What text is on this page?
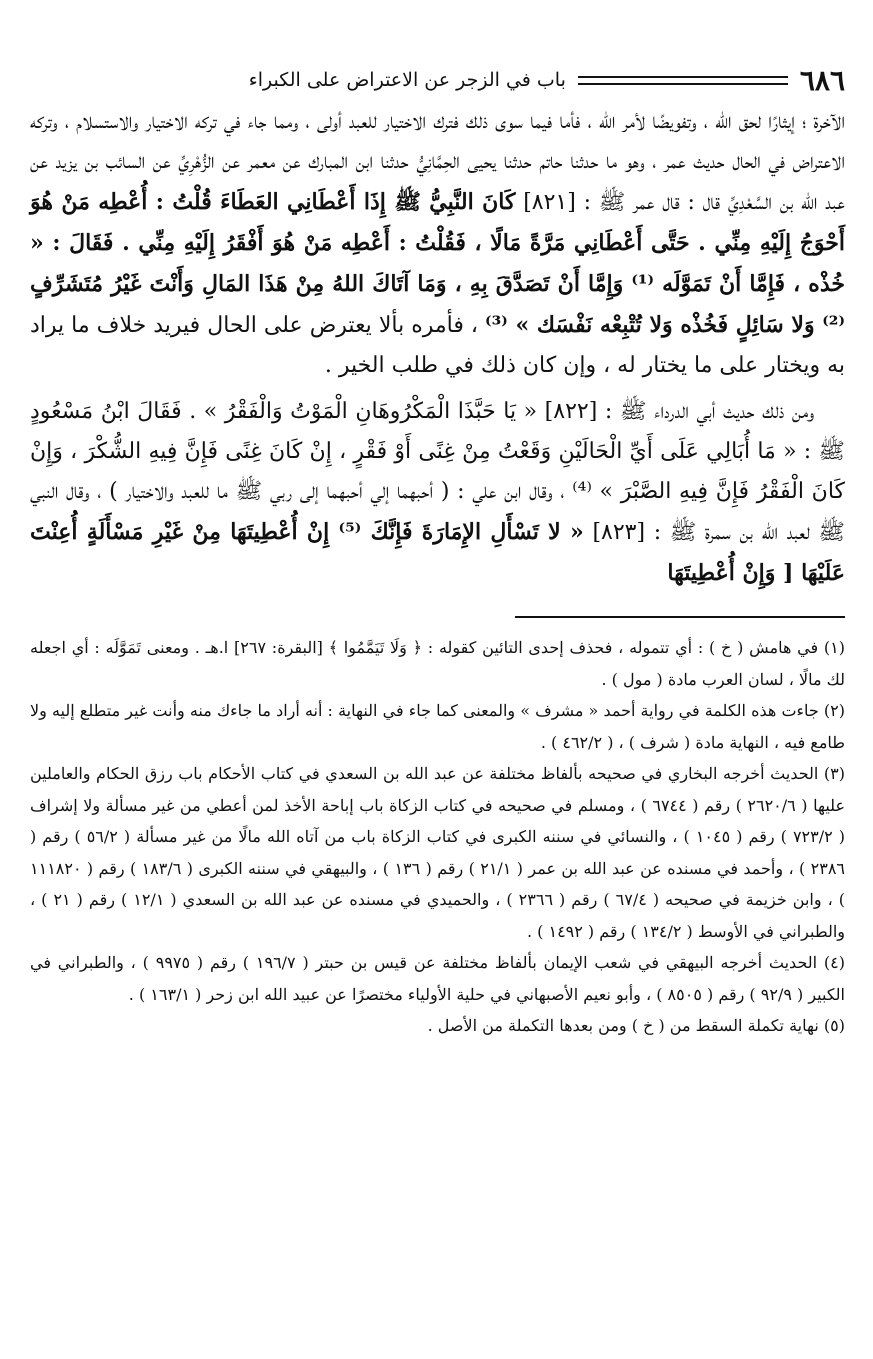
٦٨٦
باب في الزجر عن الاعتراض على الكبراء

الآخرة ؛ إيثارًا لحق الله ، وتفويضًا لأمر الله ، فأما فيما سوى ذلك فترك الاختيار للعبد أولى ، ومما جاء في تركه الاختيار والاستسلام ، وتركه الاعتراض في الحال حديث عمر ، وهو ما حدثنا حاتم حدثنا يحيى الحِمَّانِيُّ حدثنا ابن المبارك عن معمر عن الزُّهْرِيِّ عن السائب بن يزيد عن عبد الله بن السَّعْدِيِّ قال : قال عمر ﷺ : [٨٢١] كَانَ النَّبِيُّ ﷺ إِذَا أَعْطَانِي العَطَاءَ قُلْتُ : أُعْطِه مَنْ هُوَ أَحْوَجُ إِلَيْهِ مِنِّي . حَتَّى أَعْطَانِي مَرَّةً مَالًا ، فَقُلْتُ : أَعْطِه مَنْ هُوَ أَفْقَرُ إِلَيْهِ مِنِّي . فَقَالَ : « خُذْه ، فَإِمَّا أَنْ تَمَوَّلَه ⁽¹⁾ وَإِمَّا أَنْ تَصَدَّقَ بِهِ ، وَمَا آتَاكَ اللهُ مِنْ هَذَا المَالِ وَأَنْتَ غَيْرُ مُتَشَرِّفٍ ⁽²⁾ وَلا سَائِلٍ فَخُذْه وَلا تُتْبِعْه نَفْسَك » ⁽³⁾ ، فأمره بألا يعترض على الحال فيريد خلاف ما يراد به ويختار على ما يختار له ، وإن كان ذلك في طلب الخير .

ومن ذلك حديث أبي الدرداء ﷺ : [٨٢٢] « يَا حَبَّذَا الْمَكْرُوهَانِ الْمَوْتُ وَالْفَقْرُ » . فَقَالَ ابْنُ مَسْعُودٍ ﷺ : « مَا أُبَالِي عَلَى أَيِّ الْحَالَيْنِ وَقَعْتُ مِنْ غِنًى أَوْ فَقْرٍ ، إِنْ كَانَ غِنًى فَإِنَّ فِيهِ الشُّكْرَ ، وَإِنْ كَانَ الْفَقْرُ فَإِنَّ فِيهِ الصَّبْرَ » ⁽⁴⁾ ، وقال ابن علي : ( أحبهما إلي أحبهما إلى ربي ﷺ ما للعبد والاختيار ) ، وقال النبي ﷺ لعبد الله بن سمرة ﷺ : [٨٢٣] « لا تَسْأَلِ الإِمَارَةَ فَإِنَّكَ ⁽⁵⁾ إِنْ أُعْطِيتَهَا مِنْ غَيْرِ مَسْأَلَةٍ أُعِنْتَ عَلَيْهَا [ وَإِنْ أُعْطِيتَهَا

(١) في هامش ( خ ) : أي تتموله ، فحذف إحدى التائين كقوله : ﴿ وَلَا تَيَمَّمُوا ﴾ [البقرة: ٢٦٧] ا.هـ . ومعنى تَمَوَّلَه : أي اجعله لك مالًا ، لسان العرب مادة ( مول ) .

(٢) جاءت هذه الكلمة في رواية أحمد « مشرف » والمعنى كما جاء في النهاية : أنه أراد ما جاءك منه وأنت غير متطلع إليه ولا طامع فيه ، النهاية مادة ( شرف ) ، ( ٤٦٢/٢ ) .

(٣) الحديث أخرجه البخاري في صحيحه بألفاظ مختلفة عن عبد الله بن السعدي في كتاب الأحكام باب رزق الحكام والعاملين عليها ( ٢٦٢٠/٦ ) رقم ( ٦٧٤٤ ) ، ومسلم في صحيحه في كتاب الزكاة باب إباحة الأخذ لمن أعطي من غير مسألة ولا إشراف ( ٧٢٣/٢ ) رقم ( ١٠٤٥ ) ، والنسائي في سننه الكبرى في كتاب الزكاة باب من آتاه الله مالًا من غير مسألة ( ٥٦/٢ ) رقم ( ٢٣٨٦ ) ، وأحمد في مسنده عن عبد الله بن عمر ( ٢١/١ ) رقم ( ١٣٦ ) ، والبيهقي في سننه الكبرى ( ١٨٣/٦ ) رقم ( ١١١٨٢٠ ) ، وابن خزيمة في صحيحه ( ٦٧/٤ ) رقم ( ٢٣٦٦ ) ، والحميدي في مسنده عن عبد الله بن السعدي ( ١٢/١ ) رقم ( ٢١ ) ، والطبراني في الأوسط ( ١٣٤/٢ ) رقم ( ١٤٩٢ ) .

(٤) الحديث أخرجه البيهقي في شعب الإيمان بألفاظ مختلفة عن قيس بن حبتر ( ١٩٦/٧ ) رقم ( ٩٩٧٥ ) ، والطبراني في الكبير ( ٩٢/٩ ) رقم ( ٨٥٠٥ ) ، وأبو نعيم الأصبهاني في حلية الأولياء مختصرًا عن عبيد الله ابن زحر ( ١٦٣/١ ) .

(٥) نهاية تكملة السقط من ( خ ) ومن بعدها التكملة من الأصل .
